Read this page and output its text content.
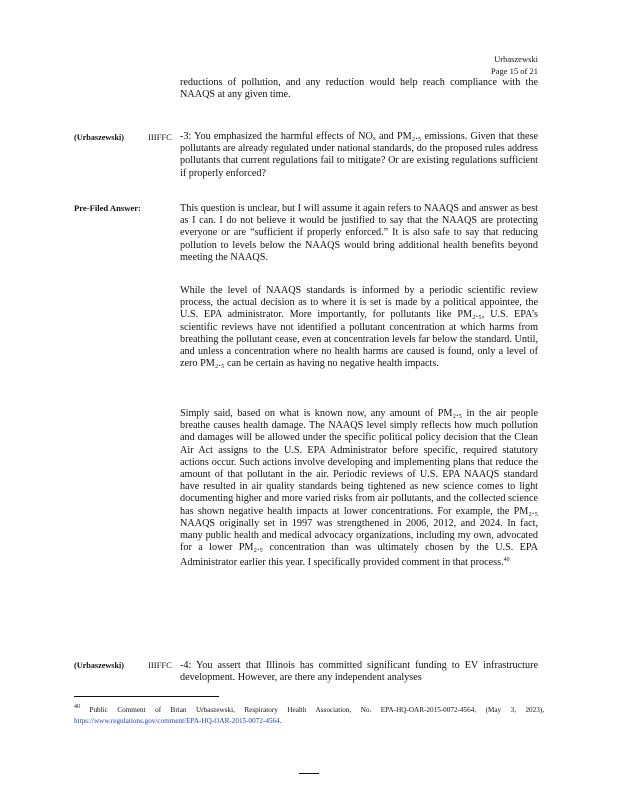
Urbaszewski
Page 15 of 21

reductions of pollution, and any reduction would help reach compliance with the NAAQS at any given time.

(Urbaszewski)	IIIFFC -3: You emphasized the harmful effects of NOₓ and PM₂.₅ emissions. Given that these pollutants are already regulated under national standards, do the proposed rules address pollutants that current regulations fail to mitigate? Or are existing regulations sufficient if properly enforced?

Pre-Filed Answer:	This question is unclear, but I will assume it again refers to NAAQS and answer as best as I can. I do not believe it would be justified to say that the NAAQS are protecting everyone or are “sufficient if properly enforced.” It is also safe to say that reducing pollution to levels below the NAAQS would bring additional health benefits beyond meeting the NAAQS.

While the level of NAAQS standards is informed by a periodic scientific review process, the actual decision as to where it is set is made by a political appointee, the U.S. EPA administrator. More importantly, for pollutants like PM₂.₅, U.S. EPA’s scientific reviews have not identified a pollutant concentration at which harms from breathing the pollutant cease, even at concentration levels far below the standard. Until, and unless a concentration where no health harms are caused is found, only a level of zero PM₂.₅ can be certain as having no negative health impacts.

Simply said, based on what is known now, any amount of PM₂.₅ in the air people breathe causes health damage. The NAAQS level simply reflects how much pollution and damages will be allowed under the specific political policy decision that the Clean Air Act assigns to the U.S. EPA Administrator before specific, required statutory actions occur. Such actions involve developing and implementing plans that reduce the amount of that pollutant in the air. Periodic reviews of U.S. EPA NAAQS standard have resulted in air quality standards being tightened as new science comes to light documenting higher and more varied risks from air pollutants, and the collected science has shown negative health impacts at lower concentrations. For example, the PM₂.₅ NAAQS originally set in 1997 was strengthened in 2006, 2012, and 2024. In fact, many public health and medical advocacy organizations, including my own, advocated for a lower PM₂.₅ concentration than was ultimately chosen by the U.S. EPA Administrator earlier this year. I specifically provided comment in that process.$^{40}$

(Urbaszewski)	IIIFFC -4: You assert that Illinois has committed significant funding to EV infrastructure development. However, are there any independent analyses

$^{40}$ Public Comment of Brian Urbaszewski, Respiratory Health Association, No. EPA-HQ-OAR-2015-0072-4564, (May 3, 2023), https://www.regulations.gov/comment/EPA-HQ-OAR-2015-0072-4564.
